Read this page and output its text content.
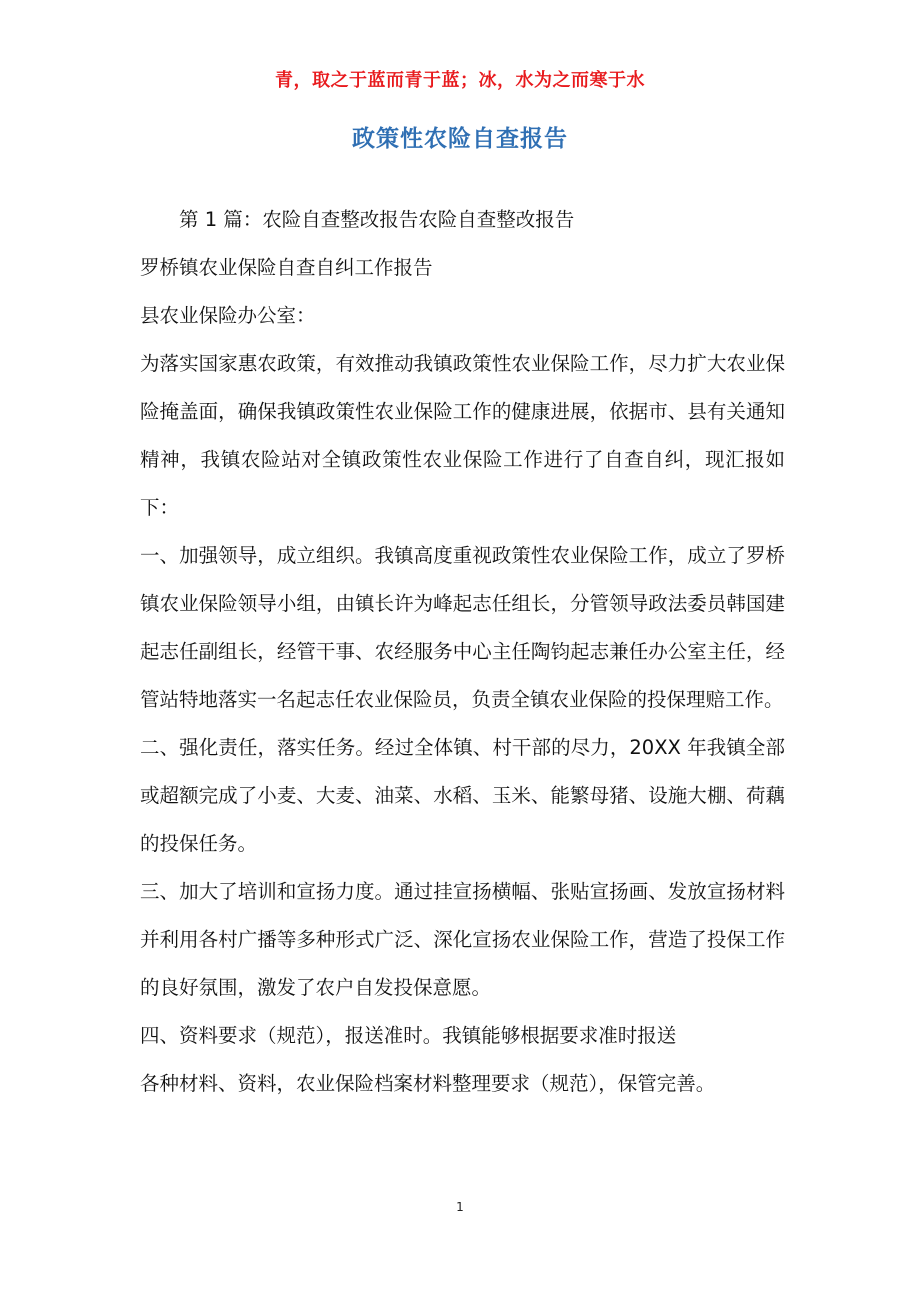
青，取之于蓝而青于蓝；冰，水为之而寒于水
政策性农险自查报告
第 1 篇：农险自查整改报告农险自查整改报告
罗桥镇农业保险自查自纠工作报告
县农业保险办公室：
为落实国家惠农政策，有效推动我镇政策性农业保险工作，尽力扩大农业保险掩盖面，确保我镇政策性农业保险工作的健康进展，依据市、县有关通知精神，我镇农险站对全镇政策性农业保险工作进行了自查自纠，现汇报如下：
一、加强领导，成立组织。我镇高度重视政策性农业保险工作，成立了罗桥镇农业保险领导小组，由镇长许为峰起志任组长，分管领导政法委员韩国建起志任副组长，经管干事、农经服务中心主任陶钧起志兼任办公室主任，经管站特地落实一名起志任农业保险员，负责全镇农业保险的投保理赔工作。
二、强化责任，落实任务。经过全体镇、村干部的尽力，20XX 年我镇全部或超额完成了小麦、大麦、油菜、水稻、玉米、能繁母猪、设施大棚、荷藕的投保任务。
三、加大了培训和宣扬力度。通过挂宣扬横幅、张贴宣扬画、发放宣扬材料并利用各村广播等多种形式广泛、深化宣扬农业保险工作，营造了投保工作的良好氛围，激发了农户自发投保意愿。
四、资料要求（规范），报送准时。我镇能够根据要求准时报送
各种材料、资料，农业保险档案材料整理要求（规范），保管完善。
1
